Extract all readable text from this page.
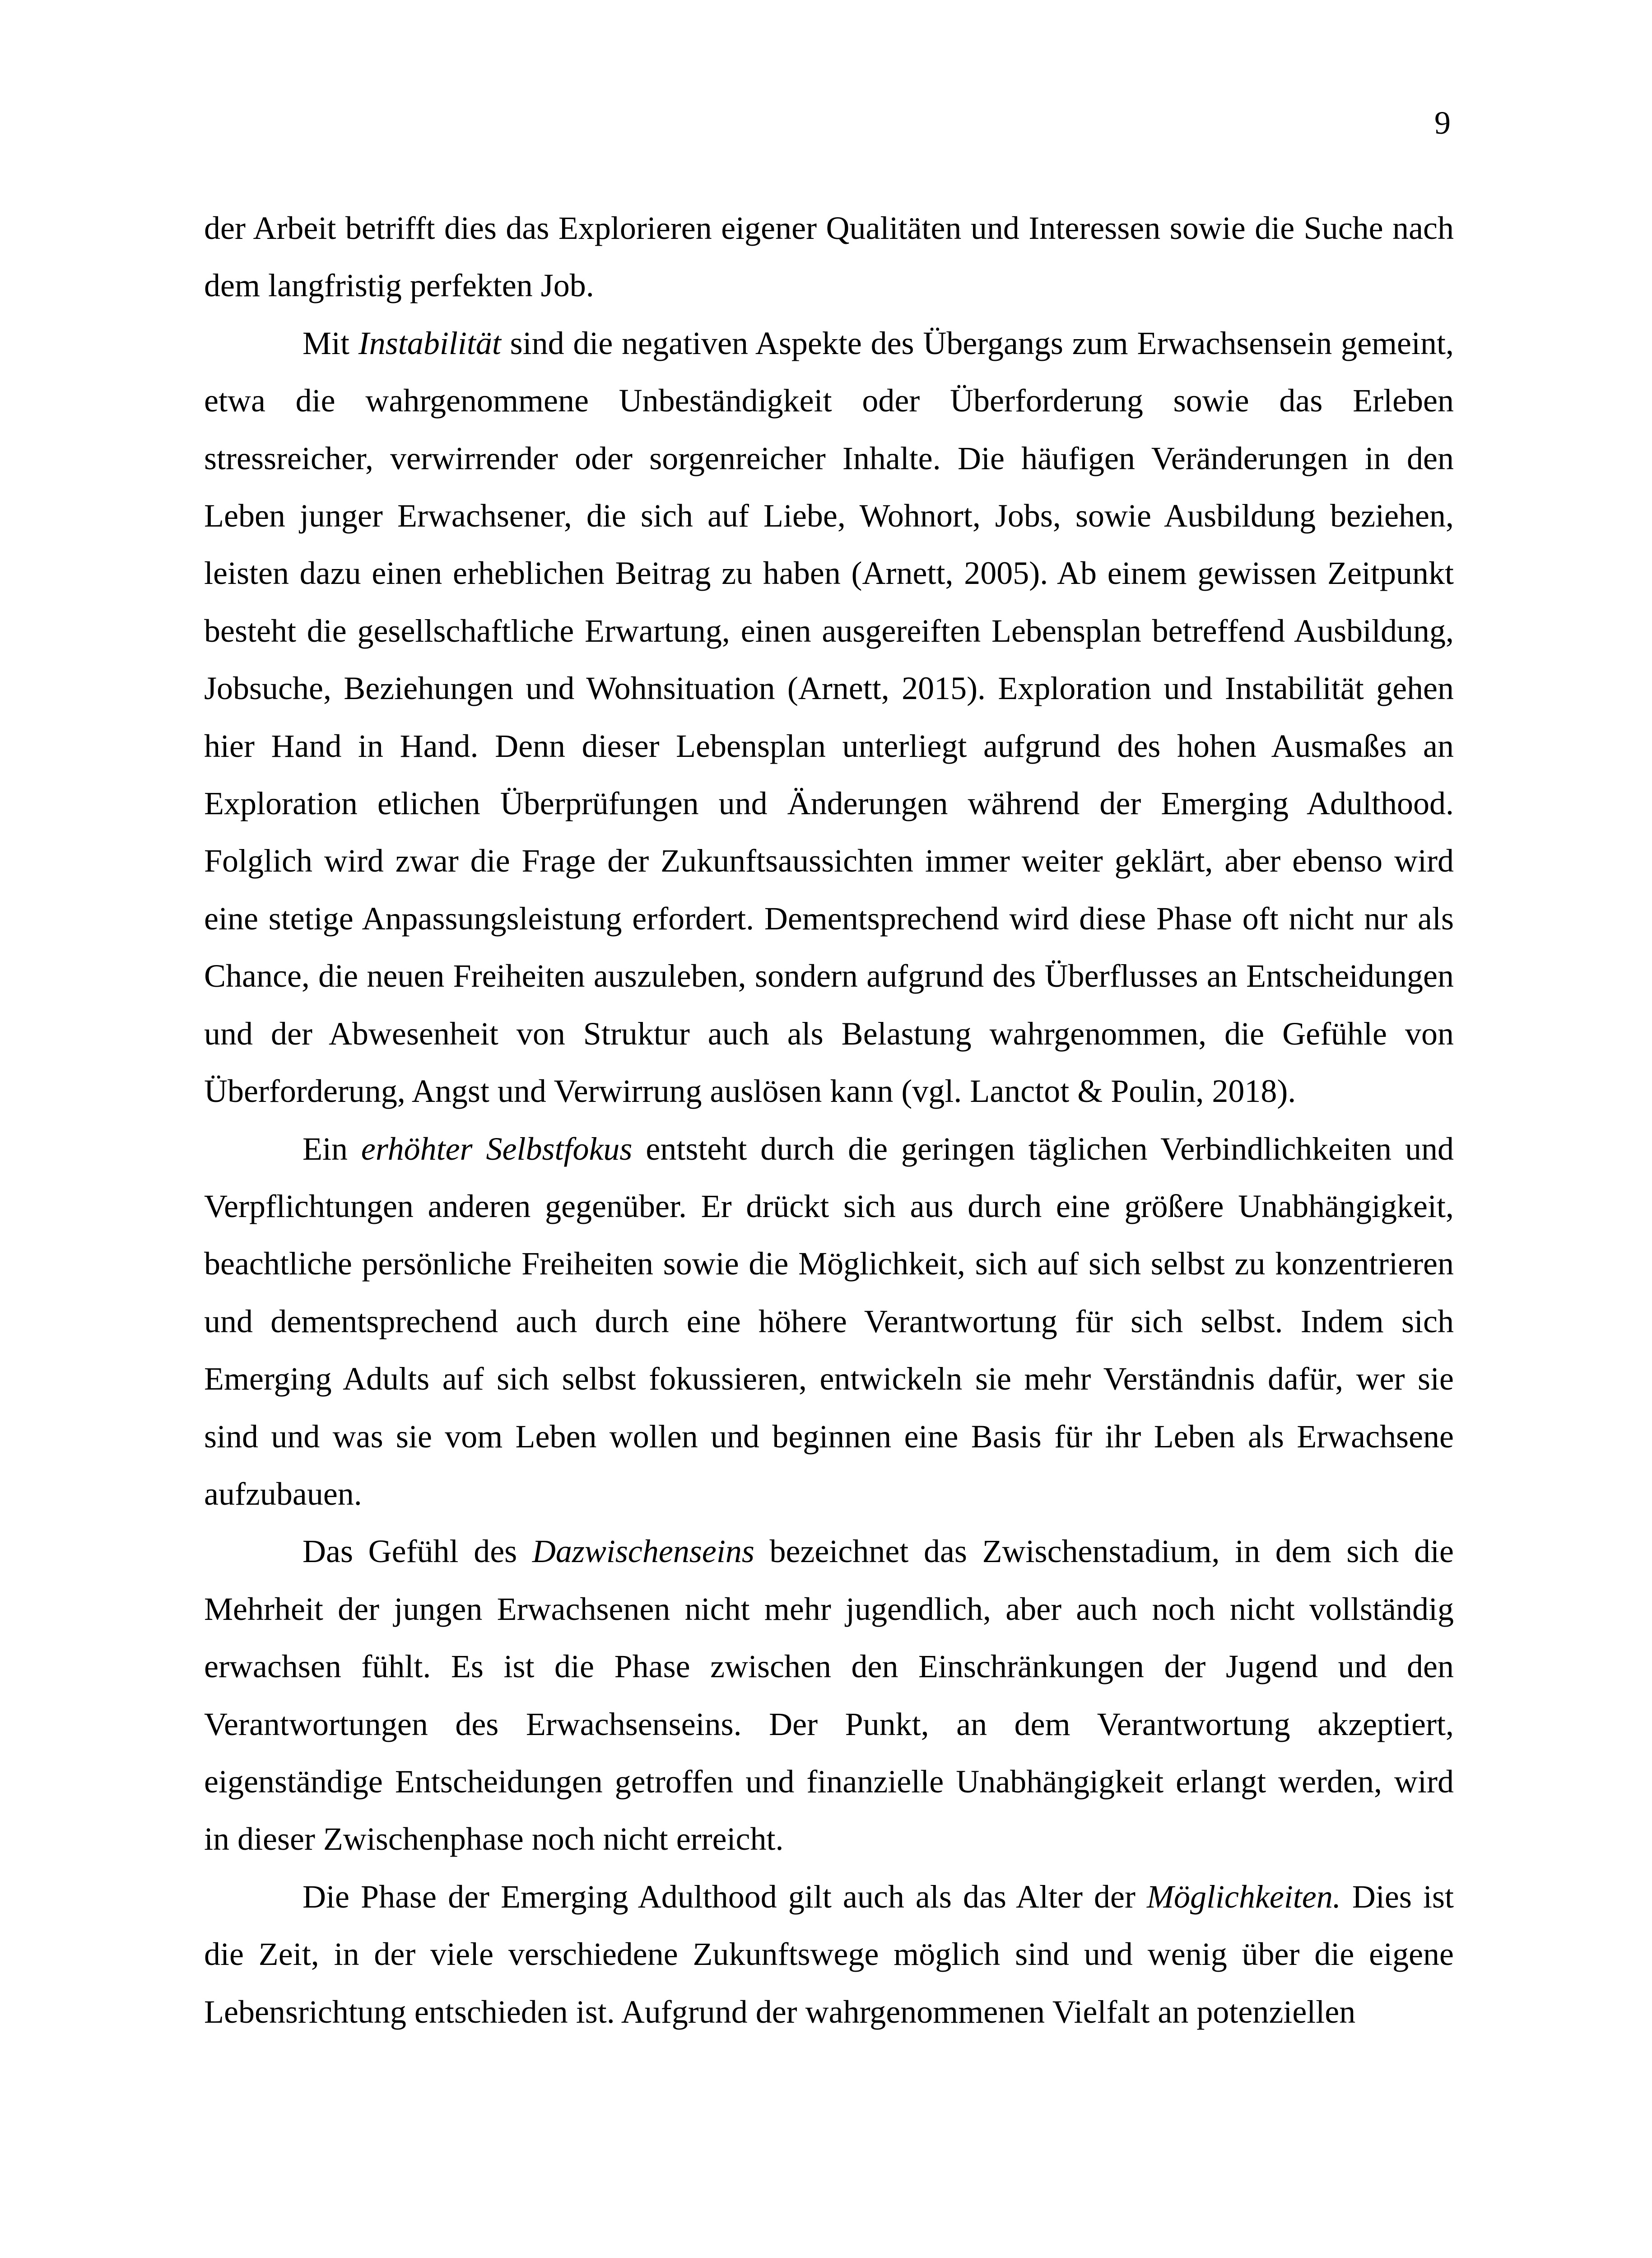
9

der Arbeit betrifft dies das Explorieren eigener Qualitäten und Interessen sowie die Suche nach dem langfristig perfekten Job.

Mit Instabilität sind die negativen Aspekte des Übergangs zum Erwachsensein gemeint, etwa die wahrgenommene Unbeständigkeit oder Überforderung sowie das Erleben stressreicher, verwirrender oder sorgenreicher Inhalte. Die häufigen Veränderungen in den Leben junger Erwachsener, die sich auf Liebe, Wohnort, Jobs, sowie Ausbildung beziehen, leisten dazu einen erheblichen Beitrag zu haben (Arnett, 2005). Ab einem gewissen Zeitpunkt besteht die gesellschaftliche Erwartung, einen ausgereiften Lebensplan betreffend Ausbildung, Jobsuche, Beziehungen und Wohnsituation (Arnett, 2015). Exploration und Instabilität gehen hier Hand in Hand. Denn dieser Lebensplan unterliegt aufgrund des hohen Ausmaßes an Exploration etlichen Überprüfungen und Änderungen während der Emerging Adulthood. Folglich wird zwar die Frage der Zukunftsaussichten immer weiter geklärt, aber ebenso wird eine stetige Anpassungsleistung erfordert. Dementsprechend wird diese Phase oft nicht nur als Chance, die neuen Freiheiten auszuleben, sondern aufgrund des Überflusses an Entscheidungen und der Abwesenheit von Struktur auch als Belastung wahrgenommen, die Gefühle von Überforderung, Angst und Verwirrung auslösen kann (vgl. Lanctot & Poulin, 2018).

Ein erhöhter Selbstfokus entsteht durch die geringen täglichen Verbindlichkeiten und Verpflichtungen anderen gegenüber. Er drückt sich aus durch eine größere Unabhängigkeit, beachtliche persönliche Freiheiten sowie die Möglichkeit, sich auf sich selbst zu konzentrieren und dementsprechend auch durch eine höhere Verantwortung für sich selbst. Indem sich Emerging Adults auf sich selbst fokussieren, entwickeln sie mehr Verständnis dafür, wer sie sind und was sie vom Leben wollen und beginnen eine Basis für ihr Leben als Erwachsene aufzubauen.

Das Gefühl des Dazwischenseins bezeichnet das Zwischenstadium, in dem sich die Mehrheit der jungen Erwachsenen nicht mehr jugendlich, aber auch noch nicht vollständig erwachsen fühlt. Es ist die Phase zwischen den Einschränkungen der Jugend und den Verantwortungen des Erwachsenseins. Der Punkt, an dem Verantwortung akzeptiert, eigenständige Entscheidungen getroffen und finanzielle Unabhängigkeit erlangt werden, wird in dieser Zwischenphase noch nicht erreicht.

Die Phase der Emerging Adulthood gilt auch als das Alter der Möglichkeiten. Dies ist die Zeit, in der viele verschiedene Zukunftswege möglich sind und wenig über die eigene Lebensrichtung entschieden ist. Aufgrund der wahrgenommenen Vielfalt an potenziellen
